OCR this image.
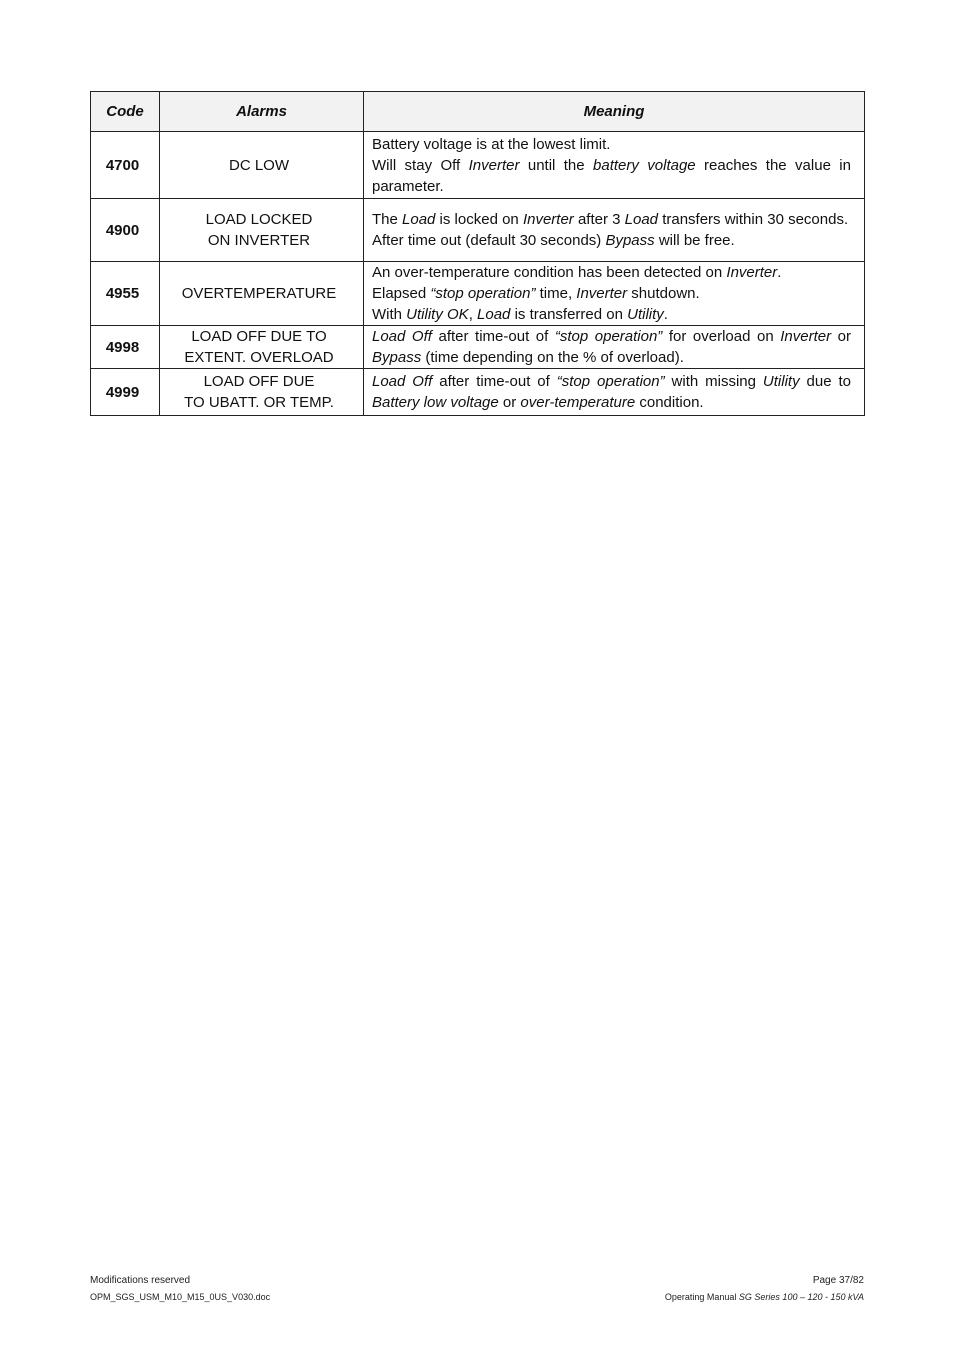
Code	Alarms	Meaning
4700	DC LOW	Battery voltage is at the lowest limit.
Will stay Off Inverter until the battery voltage reaches the value in parameter.

4900	LOAD LOCKED
ON INVERTER	The Load is locked on Inverter after 3 Load transfers within 30 seconds.
After time out (default 30 seconds) Bypass will be free.

4955	OVERTEMPERATURE	An over-temperature condition has been detected on Inverter.
Elapsed “stop operation” time, Inverter shutdown.
With Utility OK, Load is transferred on Utility.

4998	LOAD OFF DUE TO
EXTENT. OVERLOAD	Load Off after time-out of “stop operation” for overload on Inverter or Bypass (time depending on the % of overload).

4999	LOAD OFF DUE
TO UBATT. OR TEMP.	Load Off after time-out of “stop operation” with missing Utility due to Battery low voltage or over-temperature condition.
Modifications reserved
OPM_SGS_USM_M10_M15_0US_V030.doc
Page 37/82
Operating Manual SG Series 100 – 120 - 150 kVA
